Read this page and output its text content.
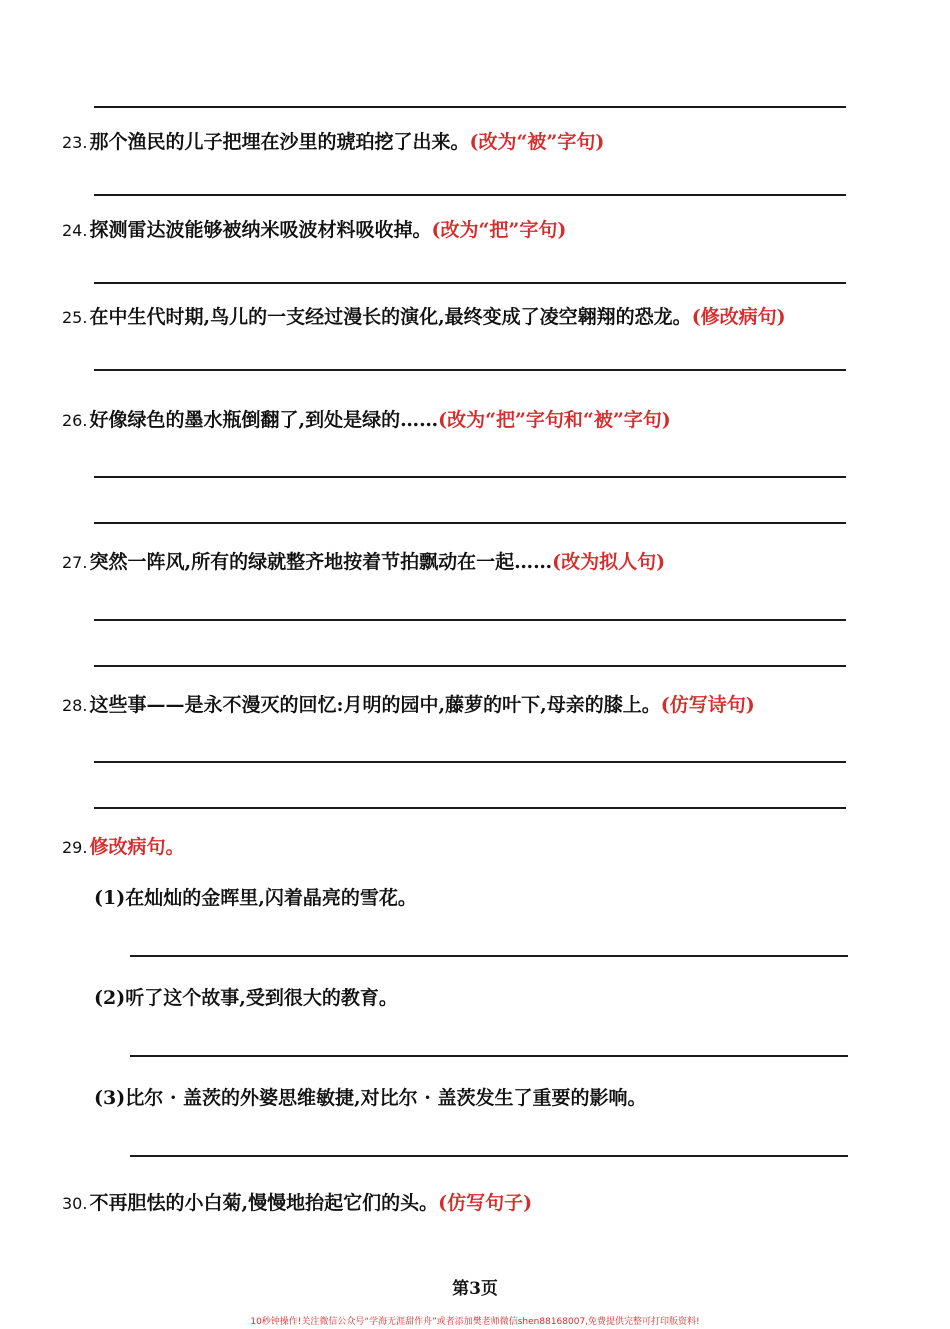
23. 那个渔民的儿子把埋在沙里的琥珀挖了出来。(改为“被”字句)
24. 探测雷达波能够被纳米吸波材料吸收掉。(改为“把”字句)
25. 在中生代时期,鸟儿的一支经过漫长的演化,最终变成了凌空翱翔的恐龙。(修改病句)
26. 好像绿色的墨水瓶倒翻了,到处是绿的……(改为“把”字句和“被”字句)
27. 突然一阵风,所有的绿就整齐地按着节拍飘动在一起……(改为拟人句)
28. 这些事——是永不漫灭的回忆:月明的园中,藤萝的叶下,母亲的膝上。(仿写诗句)
29. 修改病句。
(1)在灿灿的金晖里,闪着晶亮的雪花。
(2)听了这个故事,受到很大的教育。
(3)比尔 · 盖茨的外婆思维敏捷,对比尔 · 盖茨发生了重要的影响。
30. 不再胆怯的小白菊,慢慢地抬起它们的头。(仿写句子)
第3页
10秒钟操作!关注微信公众号“学海无涯甜作舟”或者添加樊老师微信shen88168007,免费提供完整可打印版资料!
